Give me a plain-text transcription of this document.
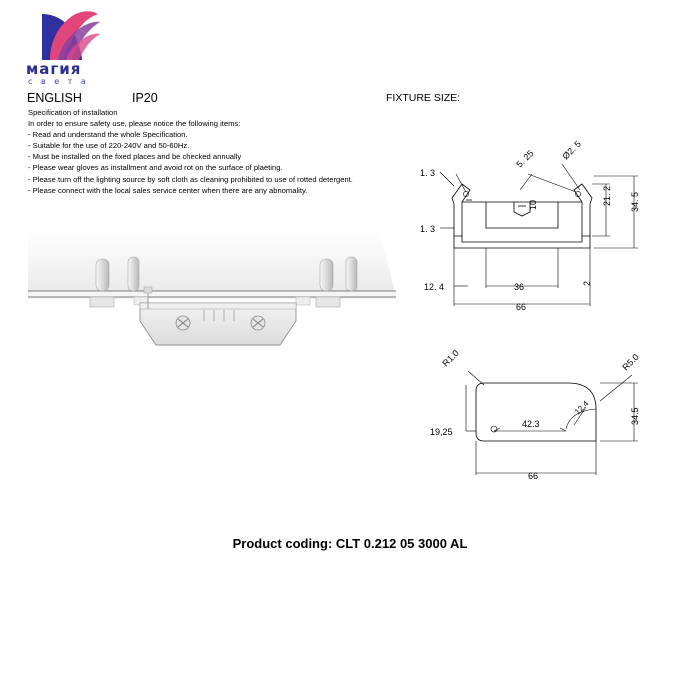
магия
с в е т а
ENGLISH	IP20	FIXTURE SIZE:
Specification of installation
In order to ensure safety use, please notice the following items:
- Read and understand the whole Specification.
- Suitable for the use of 220-240V and 50-60Hz.
- Must be installed on the fixed places and be checked annually
- Please wear gloves as installment and avoid rot on the surface of plaeting.
- Please turn off the lighting source by soft cloth as cleaning prohibited to use of rotted detergent.
- Please connect with the local sales service center when there are any abnomality.
1. 3
5. 25	Ø2. 5
10	21. 2 34. 5
1. 3
12. 4	36	2
66
R1.0	R5.0
12.4
42.3
19,25
34.5
66
Product coding: CLT 0.212 05 3000 AL
